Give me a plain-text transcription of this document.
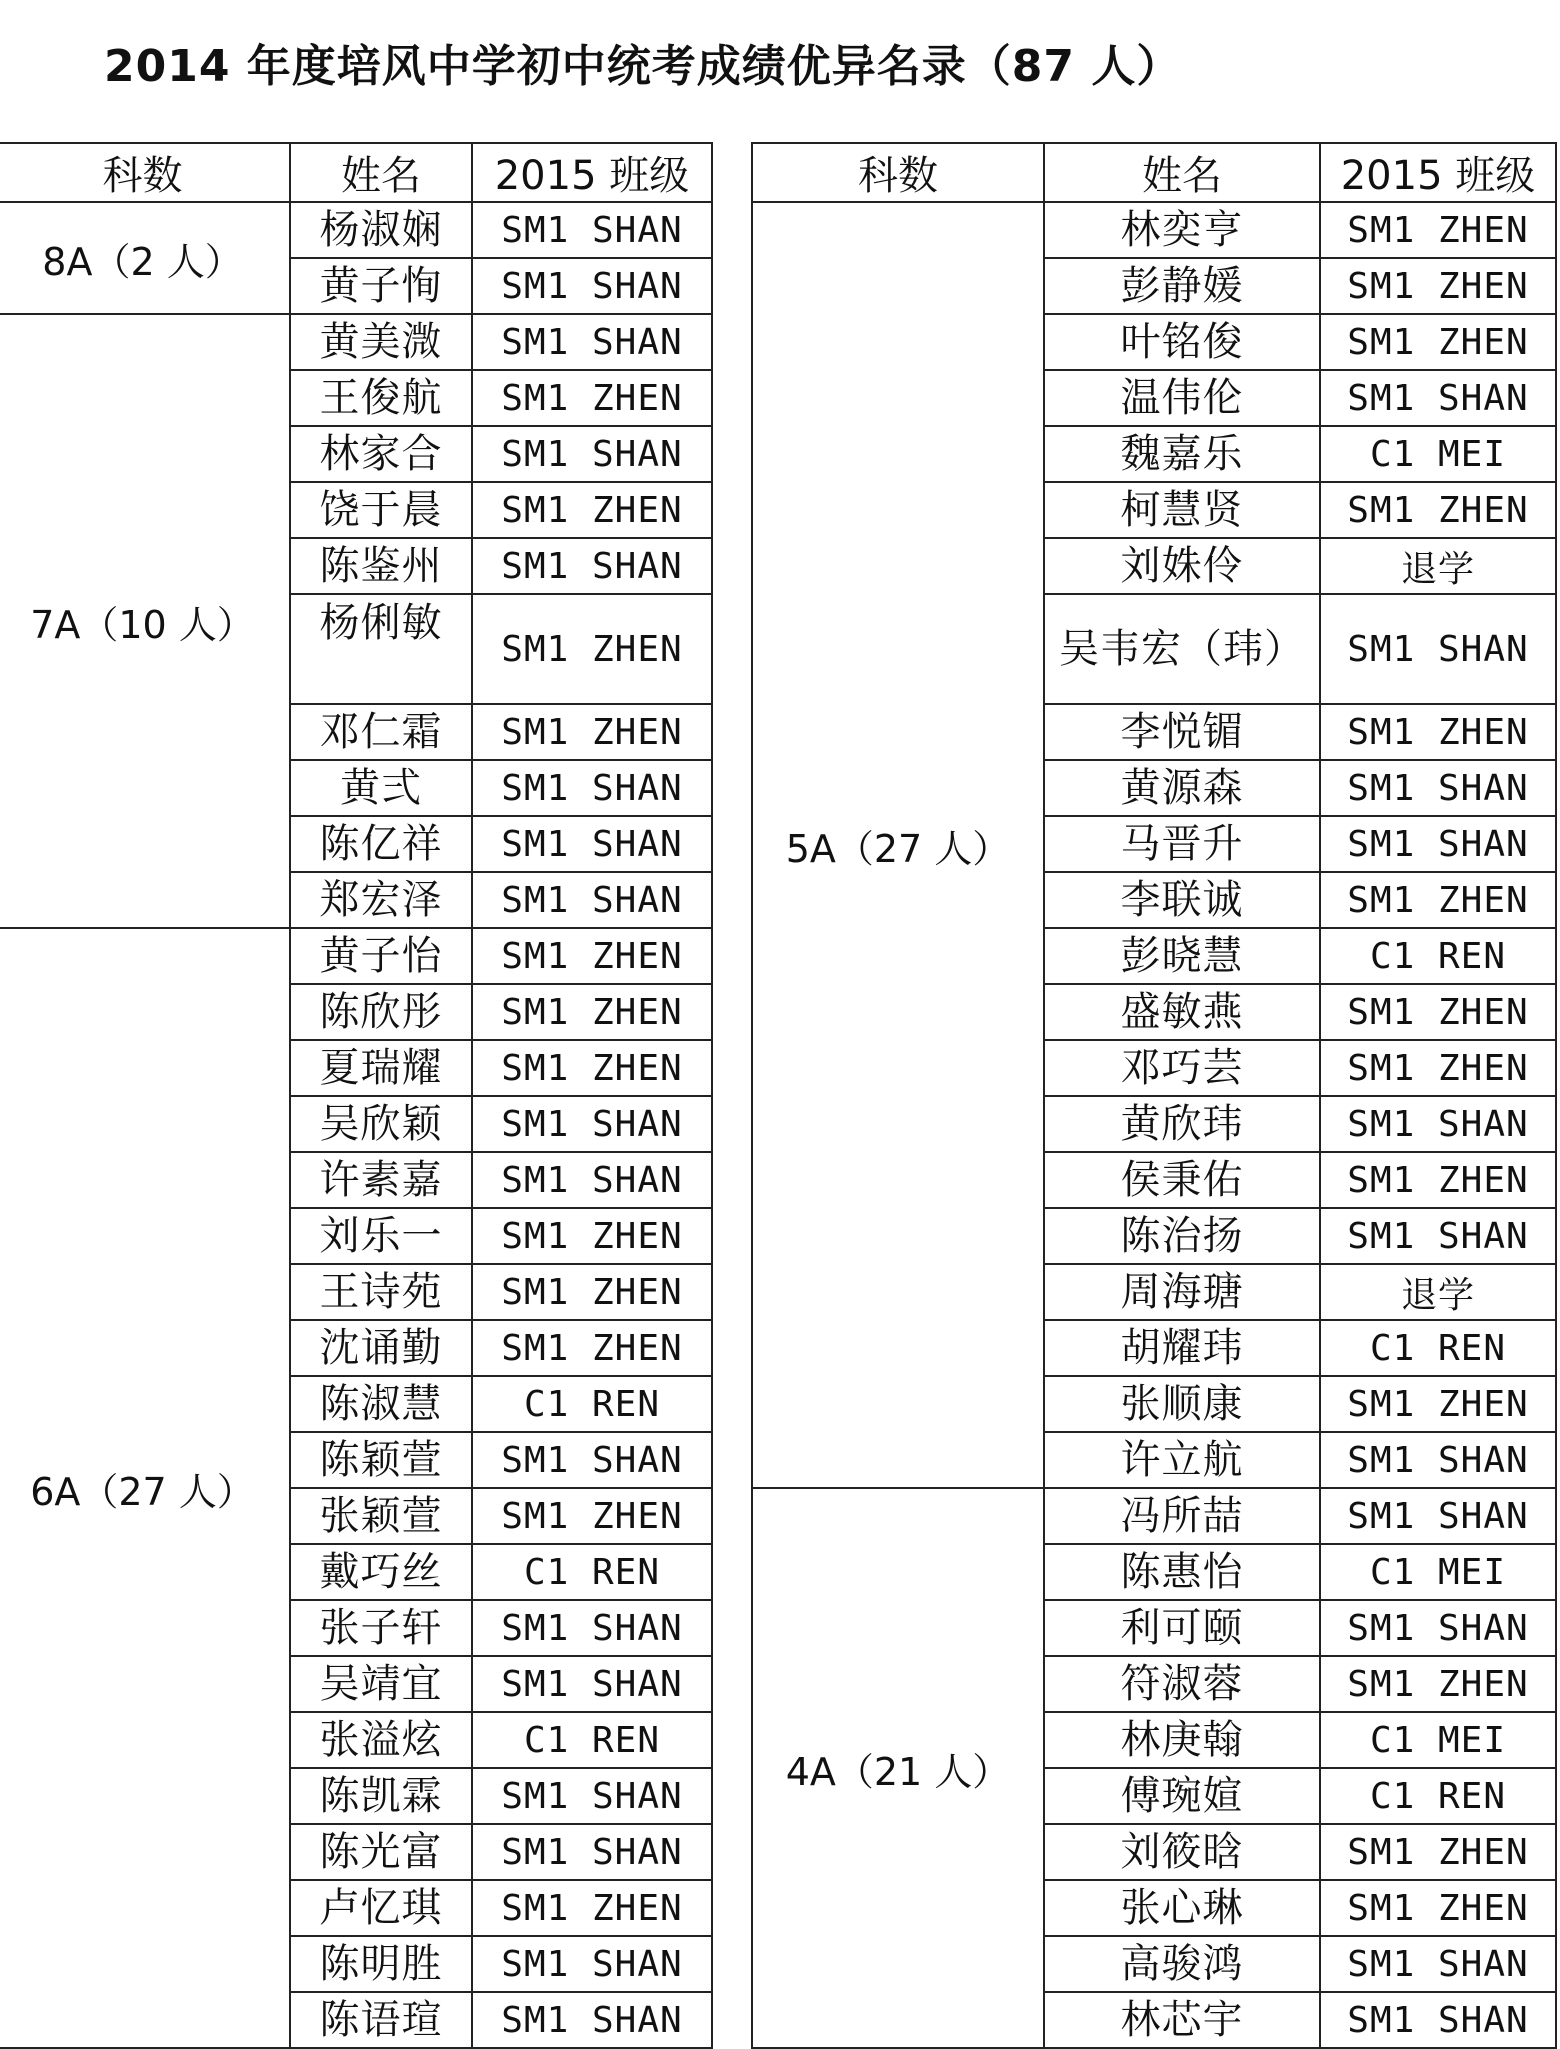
2014 年度培风中学初中统考成绩优异名录（87 人）
科数	姓名	2015 班级
8A（2 人）	杨淑娴	SM1 SHAN
	黄子恂	SM1 SHAN
7A（10 人）	黄美溦	SM1 SHAN
	王俊航	SM1 ZHEN
	林家合	SM1 SHAN
	饶于晨	SM1 ZHEN
	陈鉴州	SM1 SHAN
	杨俐敏	SM1 ZHEN
	邓仁霜	SM1 ZHEN
	黄弍	SM1 SHAN
	陈亿祥	SM1 SHAN
	郑宏泽	SM1 SHAN
6A（27 人）	黄子怡	SM1 ZHEN
	陈欣彤	SM1 ZHEN
	夏瑞耀	SM1 ZHEN
	吴欣颖	SM1 SHAN
	许素嘉	SM1 SHAN
	刘乐一	SM1 ZHEN
	王诗苑	SM1 ZHEN
	沈诵勤	SM1 ZHEN
	陈淑慧	C1 REN
	陈颖萱	SM1 SHAN
	张颖萱	SM1 ZHEN
	戴巧丝	C1 REN
	张子轩	SM1 SHAN
	吴靖宜	SM1 SHAN
	张溢炫	C1 REN
	陈凯霖	SM1 SHAN
	陈光富	SM1 SHAN
	卢忆琪	SM1 ZHEN
	陈明胜	SM1 SHAN
	陈语瑄	SM1 SHAN
科数	姓名	2015 班级
5A（27 人）	林奕亨	SM1 ZHEN
	彭静媛	SM1 ZHEN
	叶铭俊	SM1 ZHEN
	温伟伦	SM1 SHAN
	魏嘉乐	C1 MEI
	柯慧贤	SM1 ZHEN
	刘姝伶	退学
	吴韦宏（玮）	SM1 SHAN
	李悦镅	SM1 ZHEN
	黄源森	SM1 SHAN
	马晋升	SM1 SHAN
	李联诚	SM1 ZHEN
	彭晓慧	C1 REN
	盛敏燕	SM1 ZHEN
	邓巧芸	SM1 ZHEN
	黄欣玮	SM1 SHAN
	侯秉佑	SM1 ZHEN
	陈治扬	SM1 SHAN
	周海瑭	退学
	胡耀玮	C1 REN
	张顺康	SM1 ZHEN
	许立航	SM1 SHAN
4A（21 人）	冯所喆	SM1 SHAN
	陈惠怡	C1 MEI
	利可颐	SM1 SHAN
	符淑蓉	SM1 ZHEN
	林庚翰	C1 MEI
	傅琬媗	C1 REN
	刘筱晗	SM1 ZHEN
	张心琳	SM1 ZHEN
	高骏鸿	SM1 SHAN
	林芯宇	SM1 SHAN
